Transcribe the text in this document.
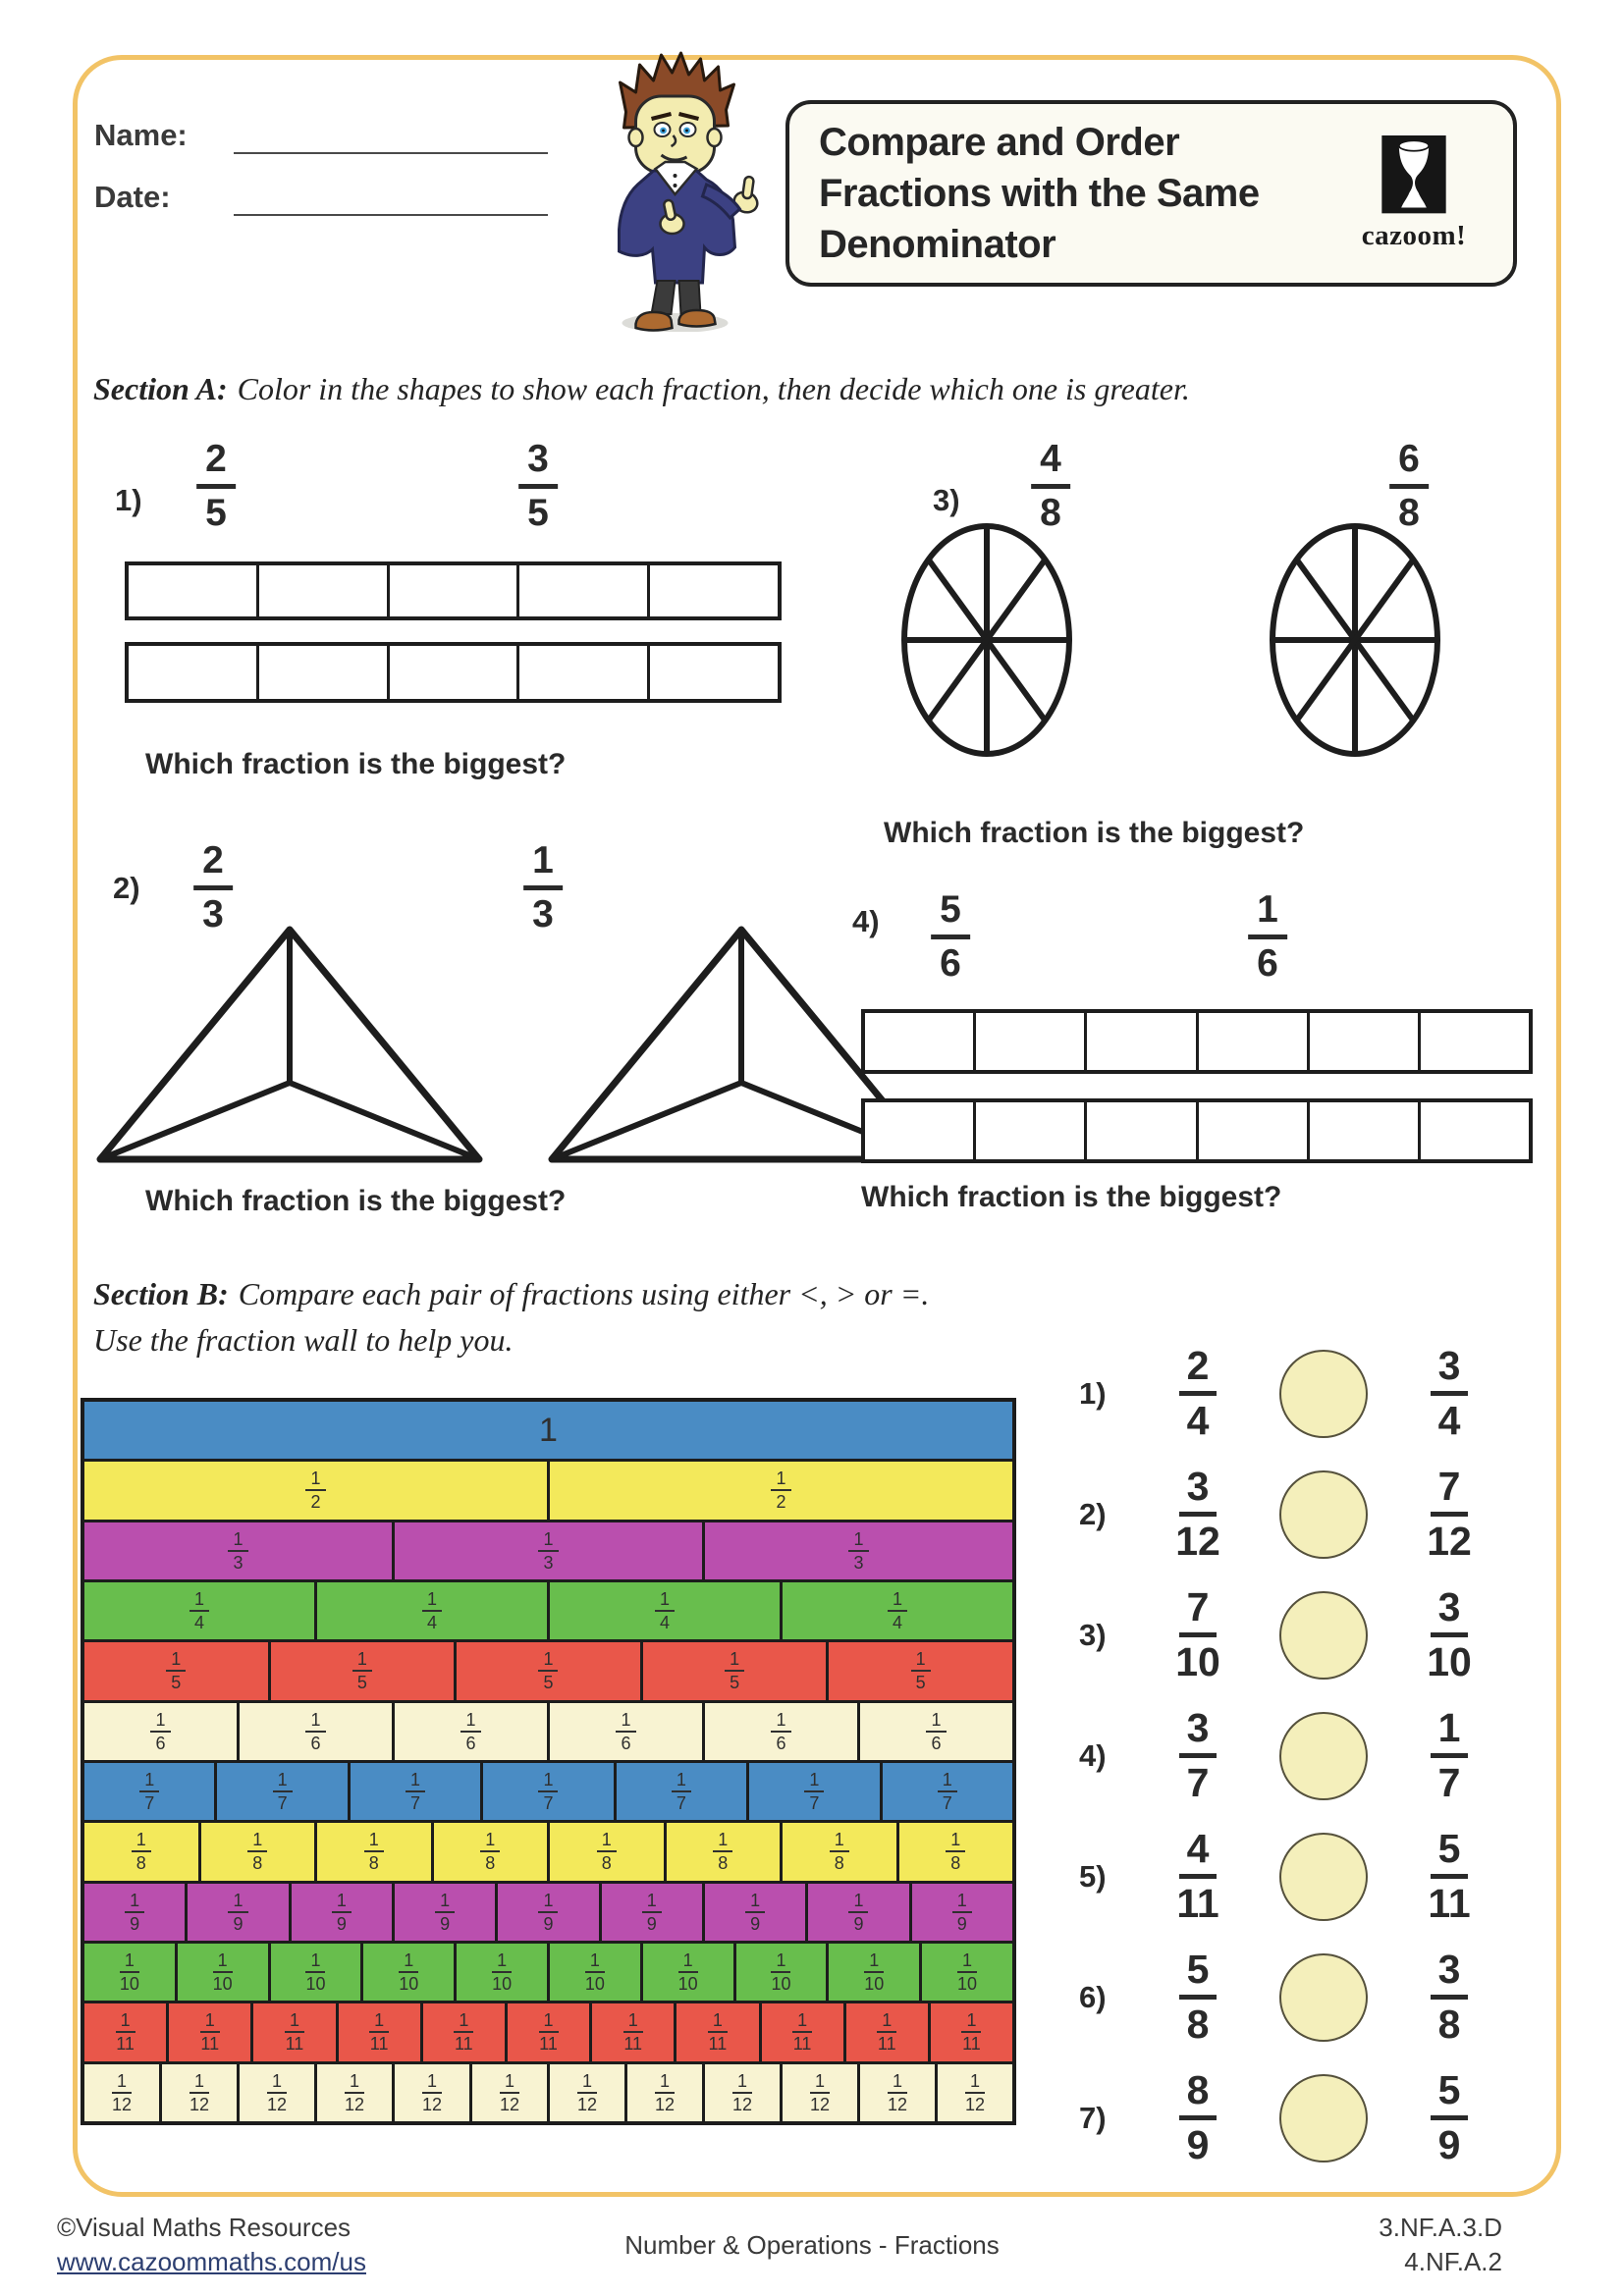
Name:
Date:
Compare and Order Fractions with the Same Denominator	cazoom!
Section A: Color in the shapes to show each fraction, then decide which one is greater.
$1) \frac{2}{5}$	$\frac{3}{5}$
Which fraction is the biggest?
$2) \frac{2}{3}$	$\frac{1}{3}$
Which fraction is the biggest?
$3) \frac{4}{8}$	$\frac{6}{8}$
Which fraction is the biggest?
$4) \frac{5}{6}$	$\frac{1}{6}$
Which fraction is the biggest?
Section B: Compare each pair of fractions using either <, > or =.
Use the fraction wall to help you.
1
$\frac{1}{2}$	$\frac{1}{2}$
$\frac{1}{3}$	$\frac{1}{3}$	$\frac{1}{3}$
$\frac{1}{4}$	$\frac{1}{4}$	$\frac{1}{4}$	$\frac{1}{4}$
$\frac{1}{5}$	$\frac{1}{5}$	$\frac{1}{5}$	$\frac{1}{5}$	$\frac{1}{5}$
$\frac{1}{6}$	$\frac{1}{6}$	$\frac{1}{6}$	$\frac{1}{6}$	$\frac{1}{6}$	$\frac{1}{6}$
$\frac{1}{7}$	$\frac{1}{7}$	$\frac{1}{7}$	$\frac{1}{7}$	$\frac{1}{7}$	$\frac{1}{7}$	$\frac{1}{7}$
$\frac{1}{8}$	$\frac{1}{8}$	$\frac{1}{8}$	$\frac{1}{8}$	$\frac{1}{8}$	$\frac{1}{8}$	$\frac{1}{8}$	$\frac{1}{8}$
$\frac{1}{9}$	$\frac{1}{9}$	$\frac{1}{9}$	$\frac{1}{9}$	$\frac{1}{9}$	$\frac{1}{9}$	$\frac{1}{9}$	$\frac{1}{9}$	$\frac{1}{9}$
$\frac{1}{10}$	$\frac{1}{10}$	$\frac{1}{10}$	$\frac{1}{10}$	$\frac{1}{10}$	$\frac{1}{10}$	$\frac{1}{10}$	$\frac{1}{10}$	$\frac{1}{10}$	$\frac{1}{10}$
$\frac{1}{11}$	$\frac{1}{11}$	$\frac{1}{11}$	$\frac{1}{11}$	$\frac{1}{11}$	$\frac{1}{11}$	$\frac{1}{11}$	$\frac{1}{11}$	$\frac{1}{11}$	$\frac{1}{11}$	$\frac{1}{11}$
$\frac{1}{12}$	$\frac{1}{12}$	$\frac{1}{12}$	$\frac{1}{12}$	$\frac{1}{12}$	$\frac{1}{12}$	$\frac{1}{12}$	$\frac{1}{12}$	$\frac{1}{12}$	$\frac{1}{12}$	$\frac{1}{12}$	$\frac{1}{12}$
1)	$\frac{2}{4}$	$\frac{3}{4}$
2)	$\frac{3}{12}$	$\frac{7}{12}$
3)	$\frac{7}{10}$	$\frac{3}{10}$
4)	$\frac{3}{7}$	$\frac{1}{7}$
5)	$\frac{4}{11}$	$\frac{5}{11}$
6)	$\frac{5}{8}$	$\frac{3}{8}$
7)	$\frac{8}{9}$	$\frac{5}{9}$
©Visual Maths Resources
www.cazoommaths.com/us
Number & Operations - Fractions
3.NF.A.3.D
4.NF.A.2
